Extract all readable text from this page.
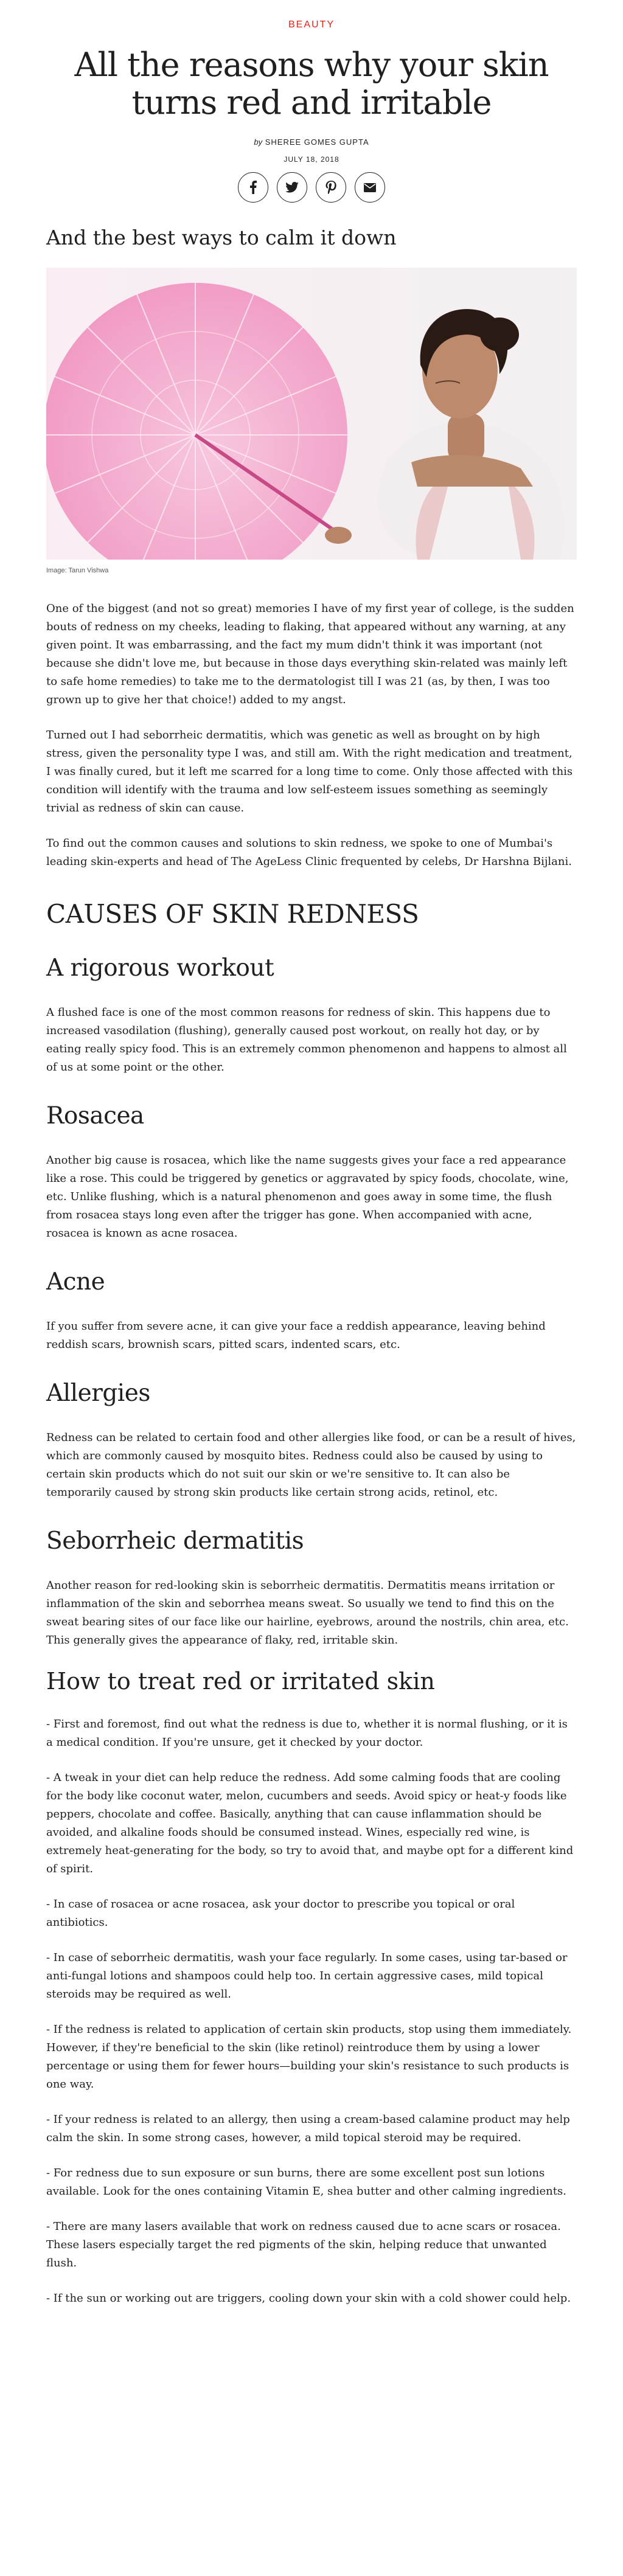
BEAUTY
All the reasons why your skin turns red and irritable
by SHEREE GOMES GUPTA
JULY 18, 2018
And the best ways to calm it down
Image: Tarun Vishwa

One of the biggest (and not so great) memories I have of my first year of college, is the sudden bouts of redness on my cheeks, leading to flaking, that appeared without any warning, at any given point. It was embarrassing, and the fact my mum didn't think it was important (not because she didn't love me, but because in those days everything skin-related was mainly left to safe home remedies) to take me to the dermatologist till I was 21 (as, by then, I was too grown up to give her that choice!) added to my angst.

Turned out I had seborrheic dermatitis, which was genetic as well as brought on by high stress, given the personality type I was, and still am. With the right medication and treatment, I was finally cured, but it left me scarred for a long time to come. Only those affected with this condition will identify with the trauma and low self-esteem issues something as seemingly trivial as redness of skin can cause.

To find out the common causes and solutions to skin redness, we spoke to one of Mumbai's leading skin-experts and head of The AgeLess Clinic frequented by celebs, Dr Harshna Bijlani.

CAUSES OF SKIN REDNESS
A rigorous workout

A flushed face is one of the most common reasons for redness of skin. This happens due to increased vasodilation (flushing), generally caused post workout, on really hot day, or by eating really spicy food. This is an extremely common phenomenon and happens to almost all of us at some point or the other.

Rosacea

Another big cause is rosacea, which like the name suggests gives your face a red appearance like a rose. This could be triggered by genetics or aggravated by spicy foods, chocolate, wine, etc. Unlike flushing, which is a natural phenomenon and goes away in some time, the flush from rosacea stays long even after the trigger has gone. When accompanied with acne, rosacea is known as acne rosacea.

Acne

If you suffer from severe acne, it can give your face a reddish appearance, leaving behind reddish scars, brownish scars, pitted scars, indented scars, etc.

Allergies

Redness can be related to certain food and other allergies like food, or can be a result of hives, which are commonly caused by mosquito bites. Redness could also be caused by using to certain skin products which do not suit our skin or we're sensitive to. It can also be temporarily caused by strong skin products like certain strong acids, retinol, etc.

Seborrheic dermatitis

Another reason for red-looking skin is seborrheic dermatitis. Dermatitis means irritation or inflammation of the skin and seborrhea means sweat. So usually we tend to find this on the sweat bearing sites of our face like our hairline, eyebrows, around the nostrils, chin area, etc. This generally gives the appearance of flaky, red, irritable skin.

How to treat red or irritated skin

- First and foremost, find out what the redness is due to, whether it is normal flushing, or it is a medical condition. If you're unsure, get it checked by your doctor.

- A tweak in your diet can help reduce the redness. Add some calming foods that are cooling for the body like coconut water, melon, cucumbers and seeds. Avoid spicy or heat-y foods like peppers, chocolate and coffee. Basically, anything that can cause inflammation should be avoided, and alkaline foods should be consumed instead. Wines, especially red wine, is extremely heat-generating for the body, so try to avoid that, and maybe opt for a different kind of spirit.

- In case of rosacea or acne rosacea, ask your doctor to prescribe you topical or oral antibiotics.

- In case of seborrheic dermatitis, wash your face regularly. In some cases, using tar-based or anti-fungal lotions and shampoos could help too. In certain aggressive cases, mild topical steroids may be required as well.

- If the redness is related to application of certain skin products, stop using them immediately. However, if they're beneficial to the skin (like retinol) reintroduce them by using a lower percentage or using them for fewer hours—building your skin's resistance to such products is one way.

- If your redness is related to an allergy, then using a cream-based calamine product may help calm the skin. In some strong cases, however, a mild topical steroid may be required.

- For redness due to sun exposure or sun burns, there are some excellent post sun lotions available. Look for the ones containing Vitamin E, shea butter and other calming ingredients.

- There are many lasers available that work on redness caused due to acne scars or rosacea. These lasers especially target the red pigments of the skin, helping reduce that unwanted flush.

- If the sun or working out are triggers, cooling down your skin with a cold shower could help.
